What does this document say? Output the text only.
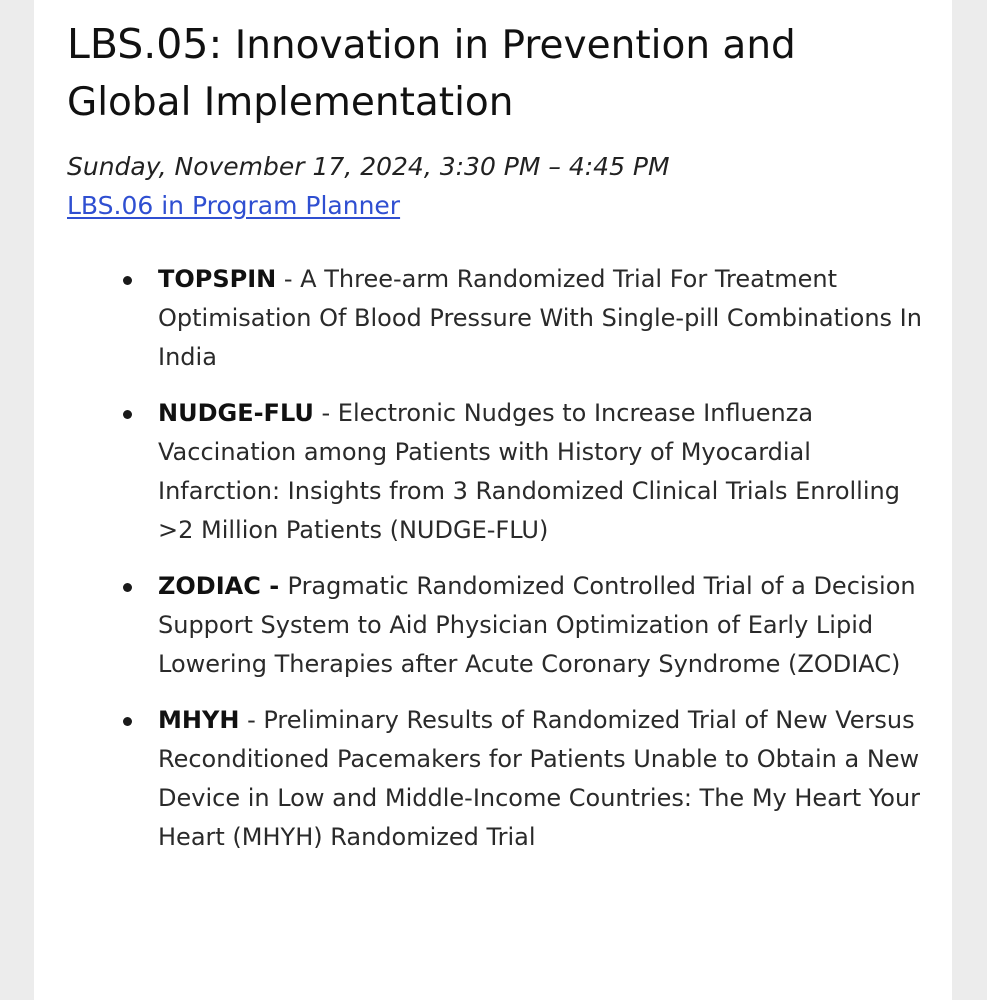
LBS.05: Innovation in Prevention and Global Implementation
Sunday, November 17, 2024, 3:30 PM – 4:45 PM
LBS.06 in Program Planner
TOPSPIN - A Three-arm Randomized Trial For Treatment Optimisation Of Blood Pressure With Single-pill Combinations In India
NUDGE-FLU - Electronic Nudges to Increase Influenza Vaccination among Patients with History of Myocardial Infarction: Insights from 3 Randomized Clinical Trials Enrolling >2 Million Patients (NUDGE-FLU)
ZODIAC - Pragmatic Randomized Controlled Trial of a Decision Support System to Aid Physician Optimization of Early Lipid Lowering Therapies after Acute Coronary Syndrome (ZODIAC)
MHYH - Preliminary Results of Randomized Trial of New Versus Reconditioned Pacemakers for Patients Unable to Obtain a New Device in Low and Middle-Income Countries: The My Heart Your Heart (MHYH) Randomized Trial
